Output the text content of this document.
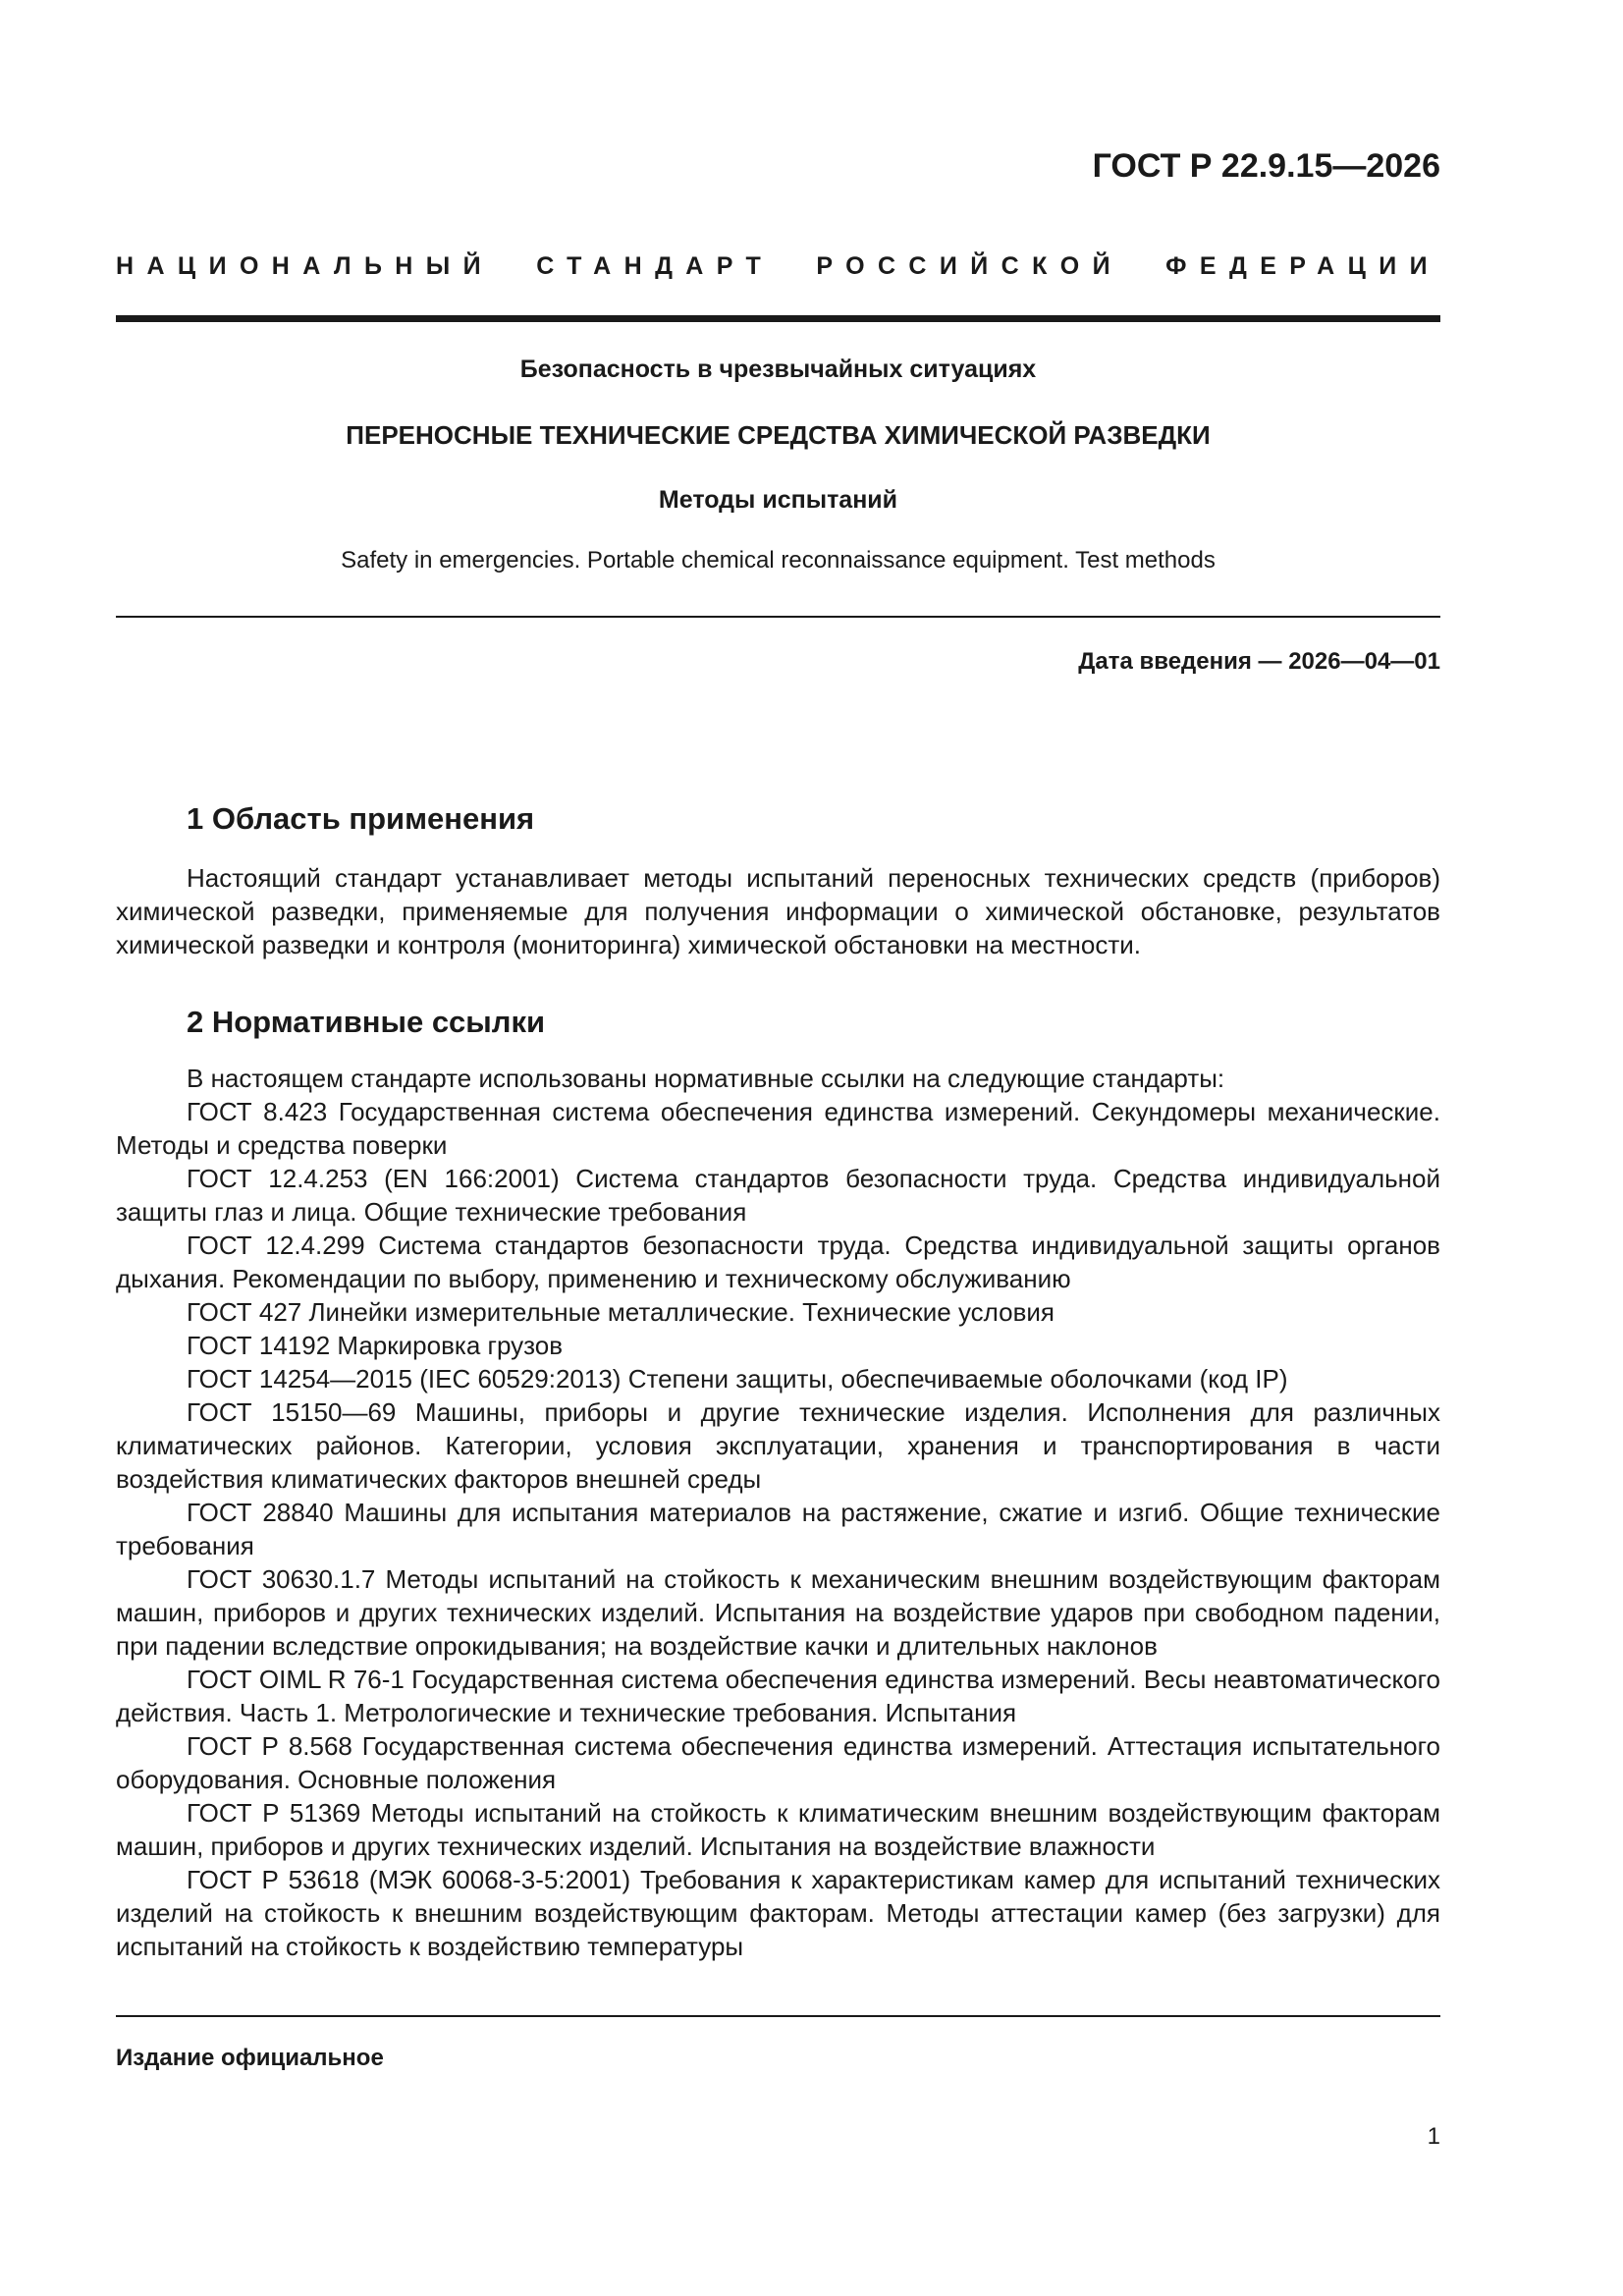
ГОСТ Р 22.9.15—2026
НАЦИОНАЛЬНЫЙ СТАНДАРТ РОССИЙСКОЙ ФЕДЕРАЦИИ
Безопасность в чрезвычайных ситуациях
ПЕРЕНОСНЫЕ ТЕХНИЧЕСКИЕ СРЕДСТВА ХИМИЧЕСКОЙ РАЗВЕДКИ
Методы испытаний
Safety in emergencies. Portable chemical reconnaissance equipment. Test methods
Дата введения — 2026—04—01
1 Область применения

Настоящий стандарт устанавливает методы испытаний переносных технических средств (приборов) химической разведки, применяемые для получения информации о химической обстановке, результатов химической разведки и контроля (мониторинга) химической обстановки на местности.

2 Нормативные ссылки

В настоящем стандарте использованы нормативные ссылки на следующие стандарты:

ГОСТ 8.423 Государственная система обеспечения единства измерений. Секундомеры механические. Методы и средства поверки

ГОСТ 12.4.253 (EN 166:2001) Система стандартов безопасности труда. Средства индивидуальной защиты глаз и лица. Общие технические требования

ГОСТ 12.4.299 Система стандартов безопасности труда. Средства индивидуальной защиты органов дыхания. Рекомендации по выбору, применению и техническому обслуживанию

ГОСТ 427 Линейки измерительные металлические. Технические условия

ГОСТ 14192 Маркировка грузов

ГОСТ 14254—2015 (IEC 60529:2013) Степени защиты, обеспечиваемые оболочками (код IP)

ГОСТ 15150—69 Машины, приборы и другие технические изделия. Исполнения для различных климатических районов. Категории, условия эксплуатации, хранения и транспортирования в части воздействия климатических факторов внешней среды

ГОСТ 28840 Машины для испытания материалов на растяжение, сжатие и изгиб. Общие технические требования

ГОСТ 30630.1.7 Методы испытаний на стойкость к механическим внешним воздействующим факторам машин, приборов и других технических изделий. Испытания на воздействие ударов при свободном падении, при падении вследствие опрокидывания; на воздействие качки и длительных наклонов

ГОСТ OIML R 76-1 Государственная система обеспечения единства измерений. Весы неавтоматического действия. Часть 1. Метрологические и технические требования. Испытания

ГОСТ Р 8.568 Государственная система обеспечения единства измерений. Аттестация испытательного оборудования. Основные положения

ГОСТ Р 51369 Методы испытаний на стойкость к климатическим внешним воздействующим факторам машин, приборов и других технических изделий. Испытания на воздействие влажности

ГОСТ Р 53618 (МЭК 60068-3-5:2001) Требования к характеристикам камер для испытаний технических изделий на стойкость к внешним воздействующим факторам. Методы аттестации камер (без загрузки) для испытаний на стойкость к воздействию температуры

Издание официальное
1
